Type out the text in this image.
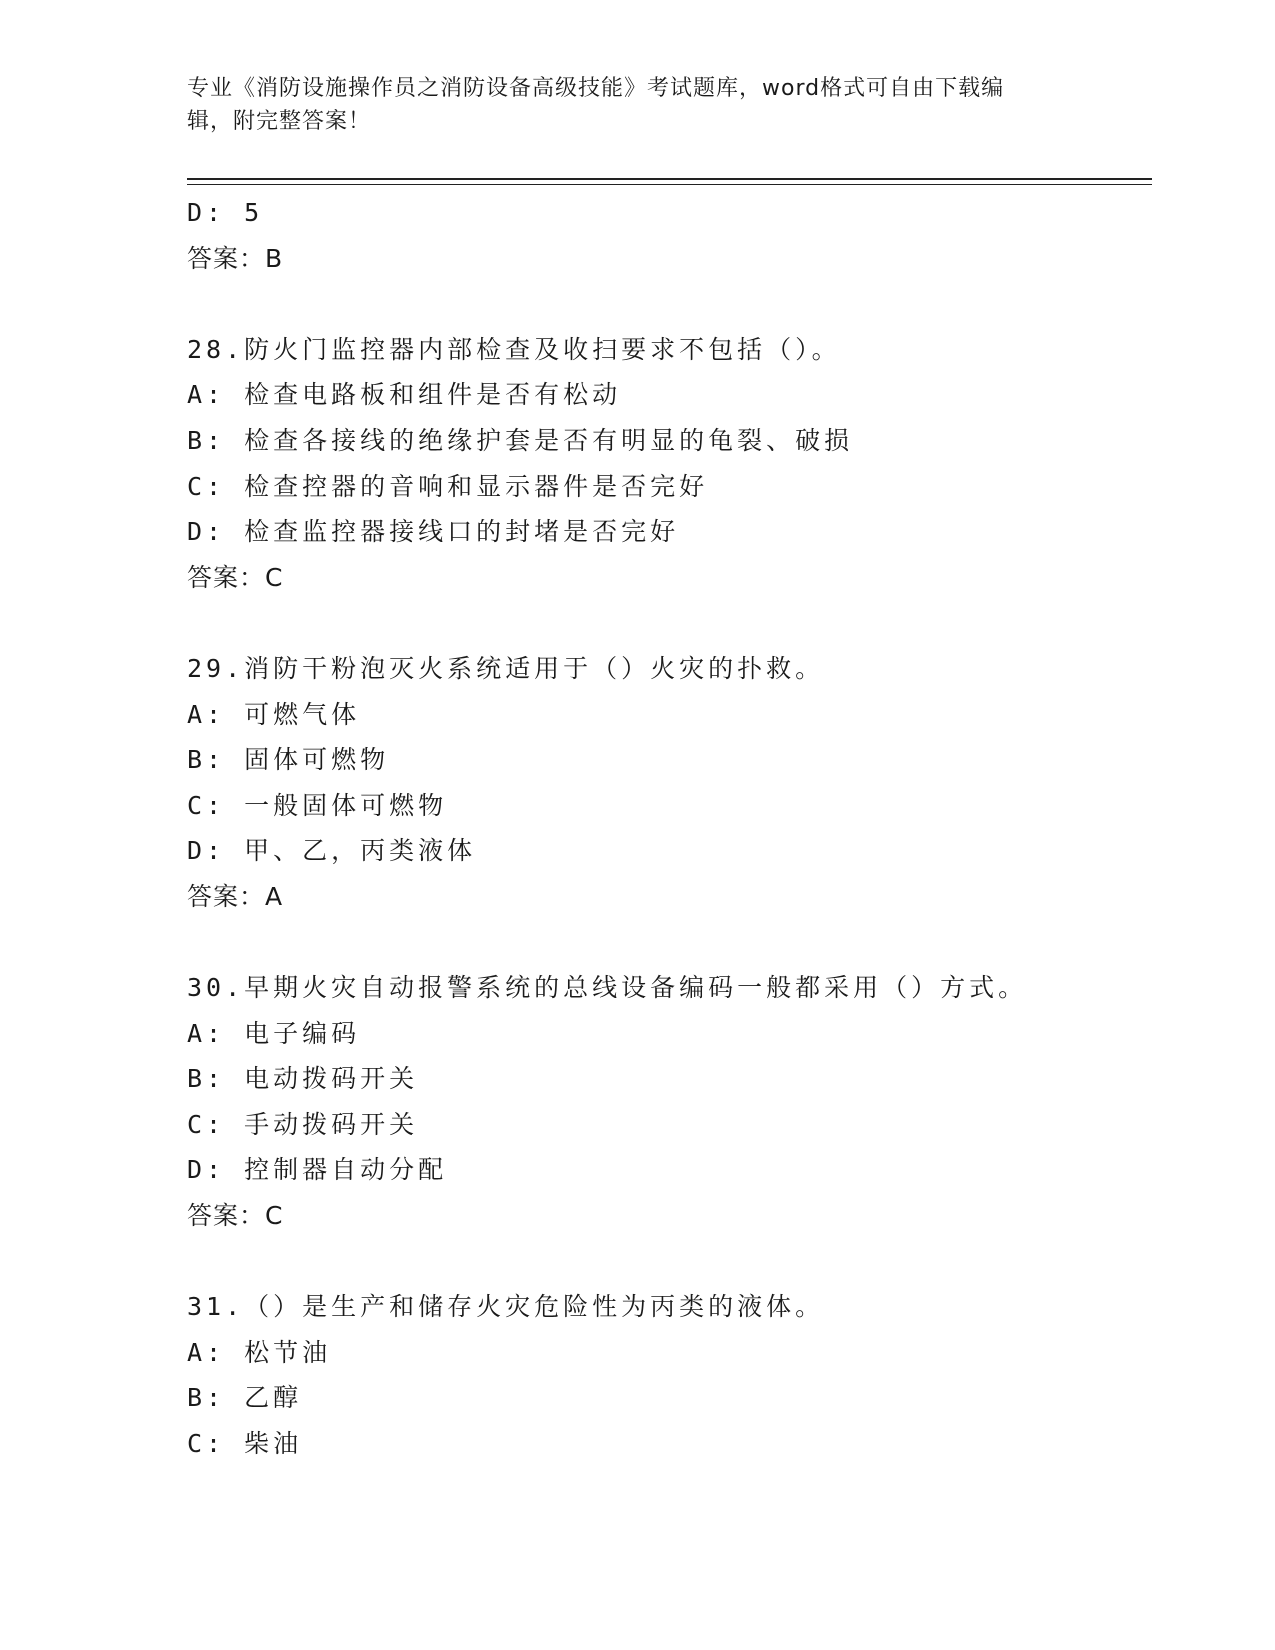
专业《消防设施操作员之消防设备高级技能》考试题库，word格式可自由下载编
辑，附完整答案！
D: 5
答案：B
28.防火门监控器内部检查及收扫要求不包括（）。
A: 检查电路板和组件是否有松动
B: 检查各接线的绝缘护套是否有明显的龟裂、破损
C: 检查控器的音响和显示器件是否完好
D: 检查监控器接线口的封堵是否完好
答案：C
29.消防干粉泡灭火系统适用于（）火灾的扑救。
A: 可燃气体
B: 固体可燃物
C: 一般固体可燃物
D: 甲、乙，丙类液体
答案：A
30.早期火灾自动报警系统的总线设备编码一般都采用（）方式。
A: 电子编码
B: 电动拨码开关
C: 手动拨码开关
D: 控制器自动分配
答案：C
31.（）是生产和储存火灾危险性为丙类的液体。
A: 松节油
B: 乙醇
C: 柴油
